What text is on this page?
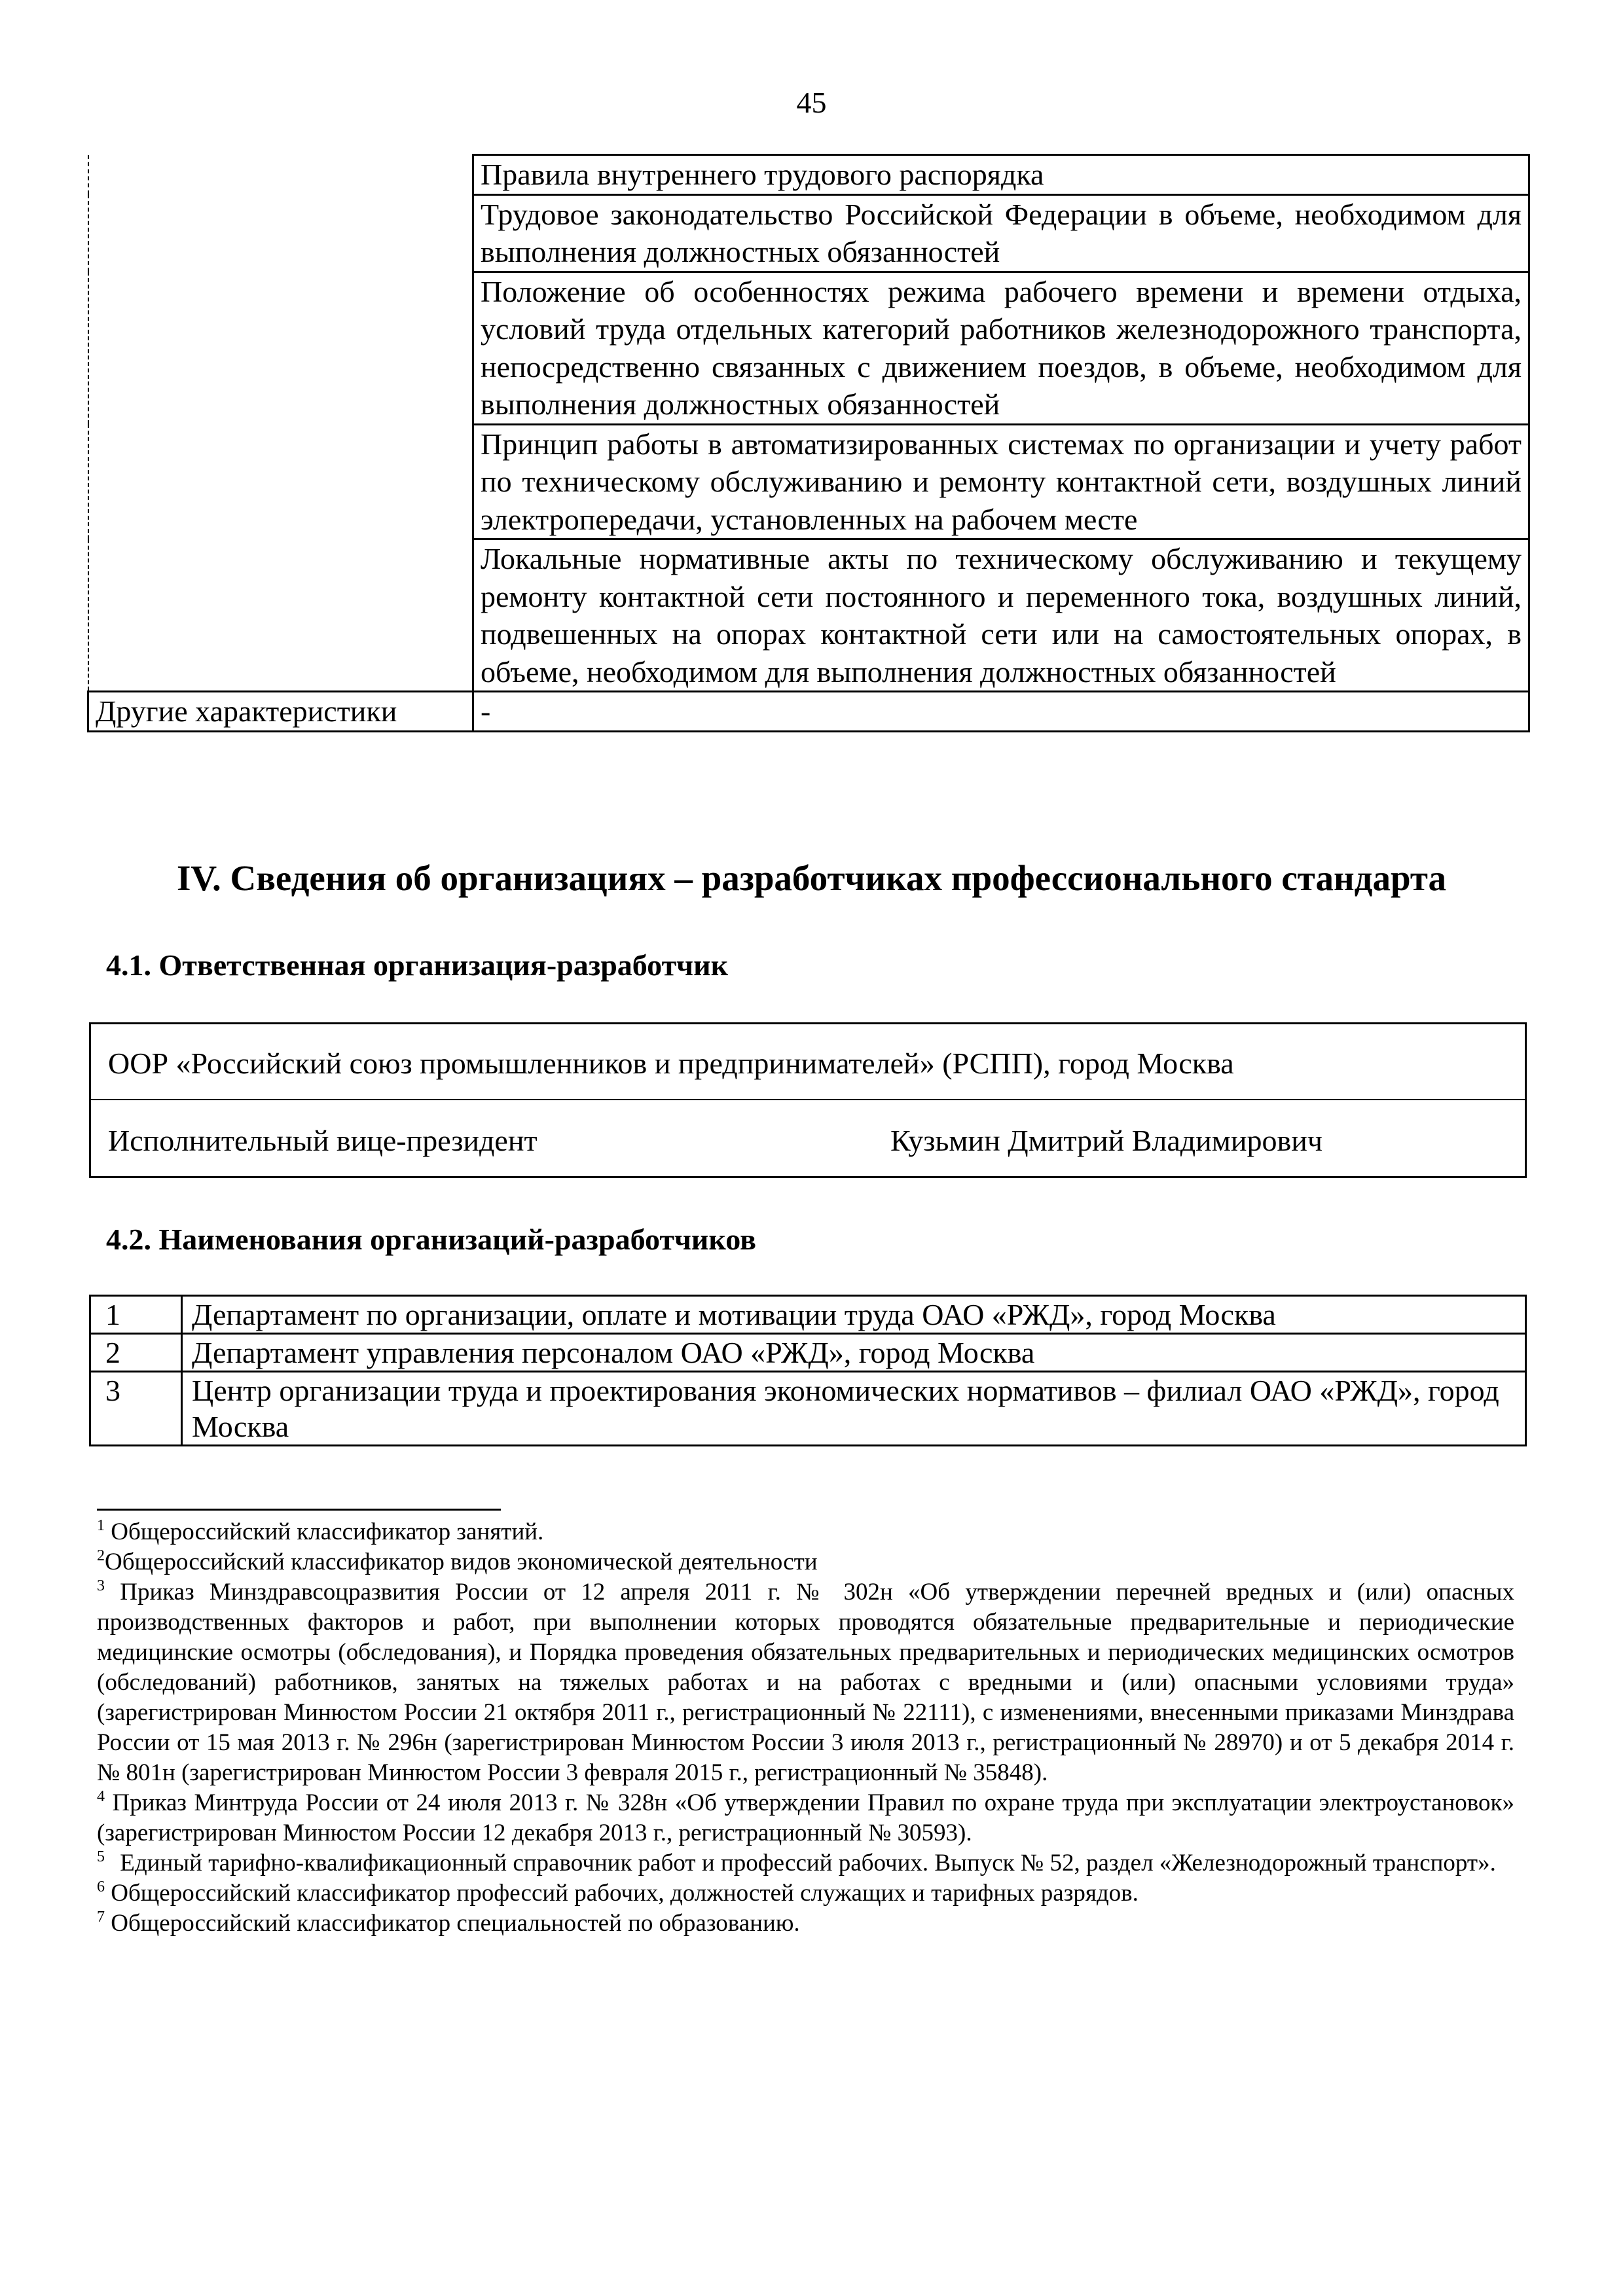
45
	Правила внутреннего трудового распорядка
	Трудовое законодательство Российской Федерации в объеме, необходимом для выполнения должностных обязанностей
	Положение об особенностях режима рабочего времени и времени отдыха, условий труда отдельных категорий работников железнодорожного транспорта, непосредственно связанных с движением поездов, в объеме, необходимом для выполнения должностных обязанностей
	Принцип работы в автоматизированных системах по организации и учету работ по техническому обслуживанию и ремонту контактной сети, воздушных линий электропередачи, установленных на рабочем месте
	Локальные нормативные акты по техническому обслуживанию и текущему ремонту контактной сети постоянного и переменного тока, воздушных линий, подвешенных на опорах контактной сети или на самостоятельных опорах, в объеме, необходимом для выполнения должностных обязанностей
Другие характеристики	-
IV. Сведения об организациях – разработчиках профессионального стандарта
4.1. Ответственная организация-разработчик
ООР «Российский союз промышленников и предпринимателей» (РСПП), город Москва
Исполнительный вице-президент	Кузьмин Дмитрий Владимирович
4.2. Наименования организаций-разработчиков
1	Департамент по организации, оплате и мотивации труда ОАО «РЖД», город Москва
2	Департамент управления персоналом ОАО «РЖД», город Москва
3	Центр организации труда и проектирования экономических нормативов – филиал ОАО «РЖД», город Москва

$^1$ Общероссийский классификатор занятий.

$^2$Общероссийский классификатор видов экономической деятельности

$^3$ Приказ Минздравсоцразвития России от 12 апреля 2011 г. № 302н «Об утверждении перечней вредных и (или) опасных производственных факторов и работ, при выполнении которых проводятся обязательные предварительные и периодические медицинские осмотры (обследования), и Порядка проведения обязательных предварительных и периодических медицинских осмотров (обследований) работников, занятых на тяжелых работах и на работах с вредными и (или) опасными условиями труда» (зарегистрирован Минюстом России 21 октября 2011 г., регистрационный № 22111), с изменениями, внесенными приказами Минздрава России от 15 мая 2013 г. № 296н (зарегистрирован Минюстом России 3 июля 2013 г., регистрационный № 28970) и от 5 декабря 2014 г. № 801н (зарегистрирован Минюстом России 3 февраля 2015 г., регистрационный № 35848).

$^4$ Приказ Минтруда России от 24 июля 2013 г. № 328н «Об утверждении Правил по охране труда при эксплуатации электроустановок» (зарегистрирован Минюстом России 12 декабря 2013 г., регистрационный № 30593).

$^5$ Единый тарифно-квалификационный справочник работ и профессий рабочих. Выпуск № 52, раздел «Железнодорожный транспорт».

$^6$ Общероссийский классификатор профессий рабочих, должностей служащих и тарифных разрядов.

$^7$ Общероссийский классификатор специальностей по образованию.
